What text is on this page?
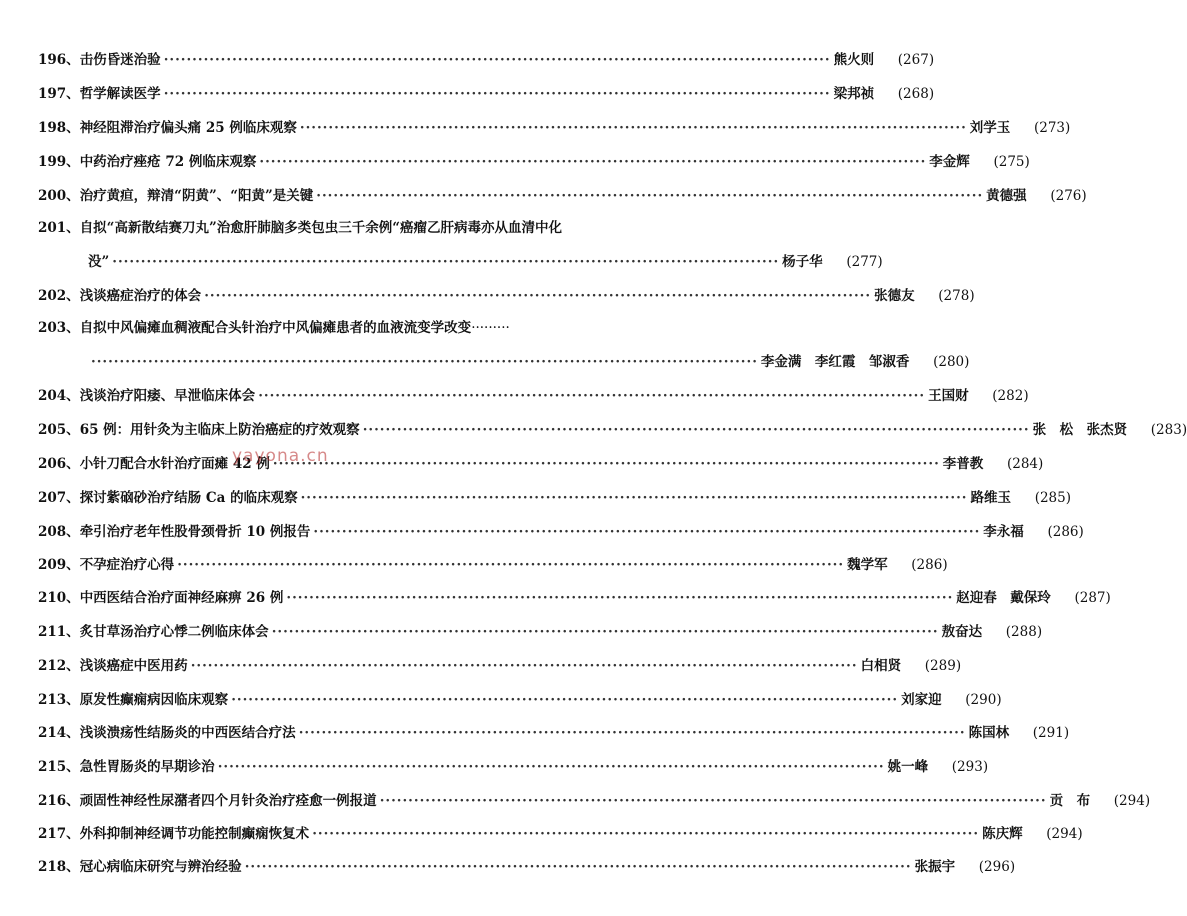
196、 击伤昏迷治验 ·····	熊火则	(267)
197、 哲学解读医学 ·····	梁邦祯	(268)
198、 神经阻滞治疗偏头痛 25 例临床观察 ·····	刘学玉	(273)
199、 中药治疗痤疮 72 例临床观察 ·····	李金辉	(275)
200、 治疗黄疸，辩清“阴黄”、“阳黄”是关键 ·····	黄德强	(276)
201、自拟“高新散结赛刀丸”治愈肝肺脑多类包虫三千余例“癌瘤乙肝病毒亦从血清中化
没” ·····	杨子华	(277)
202、 浅谈癌症治疗的体会 ·····	张德友	(278)
203、自拟中风偏瘫血稠液配合头针治疗中风偏瘫患者的血液流变学改变·········
·····
李金满　李红霞　邹淑香	(280)
204、 浅谈治疗阳痿、早泄临床体会 ·····	王国财	(282)
205、 65 例：用针灸为主临床上防治癌症的疗效观察 ·····	张　松　张杰贤	(283)
206、 小针刀配合水针治疗面瘫 42 例 ·····	李普教	(284)
207、 探讨紫硇砂治疗结肠 Ca 的临床观察 ·····	路维玉	(285)
208、 牵引治疗老年性股骨颈骨折 10 例报告 ·····	李永福	(286)
209、 不孕症治疗心得 ·····	魏学军	(286)
210、 中西医结合治疗面神经麻痹 26 例 ·····	赵迎春　戴保玲	(287)
211、 炙甘草汤治疗心悸二例临床体会 ·····	敖奋达	(288)
212、 浅谈癌症中医用药 ·····	白相贤	(289)
213、 原发性癫痫病因临床观察 ·····	刘家迎	(290)
214、 浅谈溃疡性结肠炎的中西医结合疗法 ·····	陈国林	(291)
215、 急性胃肠炎的早期诊治 ·····	姚一峰	(293)
216、 顽固性神经性尿潴者四个月针灸治疗痊愈一例报道 ·····	贡　布	(294)
217、 外科抑制神经调节功能控制癫痫恢复术 ·····	陈庆辉	(294)
218、 冠心病临床研究与辨治经验 ·····	张振宇	(296)
yayona.cn
